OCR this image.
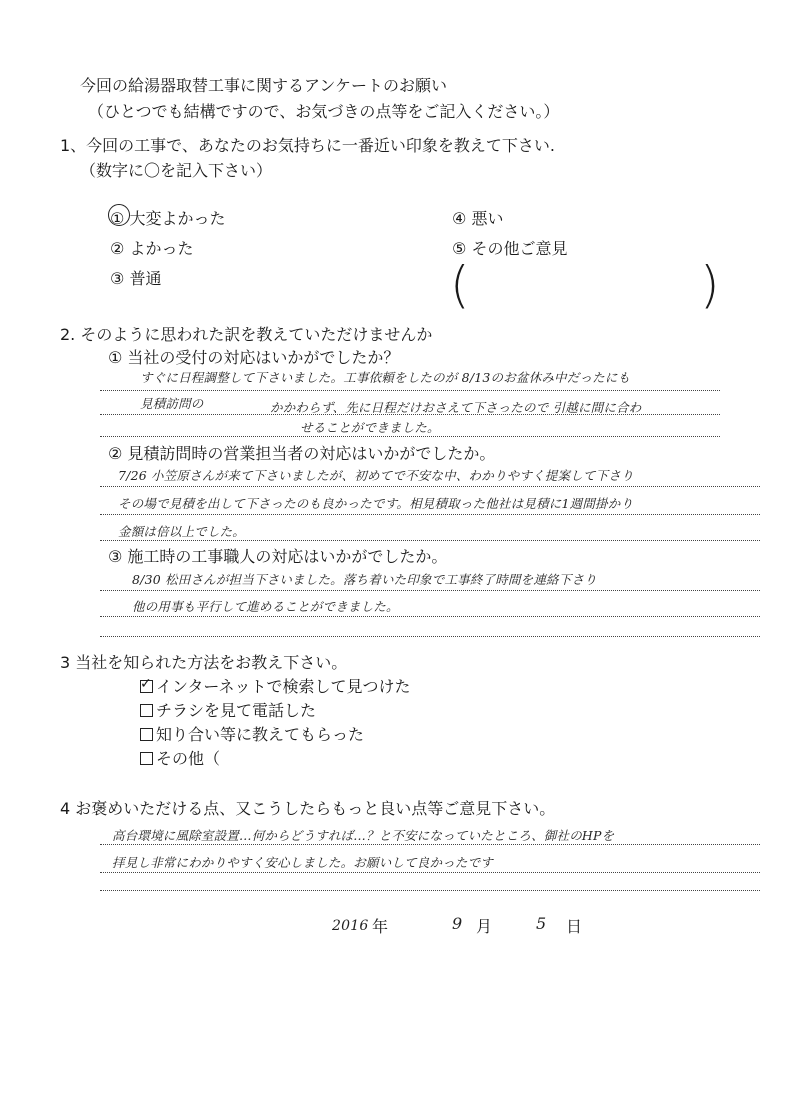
今回の給湯器取替工事に関するアンケートのお願い
（ひとつでも結構ですので、お気づきの点等をご記入ください。）
1、今回の工事で、あなたのお気持ちに一番近い印象を教えて下さい.
（数字に〇を記入下さい）
① 大変よかった
② よかった
③ 普通
④ 悪い
⑤ その他ご意見
(	)
2. そのように思われた訳を教えていただけませんか
① 当社の受付の対応はいかがでしたか？
すぐに日程調整して下さいました。工事依頼をしたのが 8/13のお盆休み中だったにも
見積訪問の	かかわらず、先に日程だけおさえて下さったので 引越に間に合わ
せることができました。
② 見積訪問時の営業担当者の対応はいかがでしたか。
7/26 小笠原さんが来て下さいましたが、初めてで不安な中、わかりやすく提案して下さり
その場で見積を出して下さったのも良かったです。相見積取った他社は見積に1週間掛かり
金額は倍以上でした。
③ 施工時の工事職人の対応はいかがでしたか。
8/30 松田さんが担当下さいました。落ち着いた印象で工事終了時間を連絡下さり
他の用事も平行して進めることができました。
3 当社を知られた方法をお教え下さい。
✓インターネットで検索して見つけた
チラシを見て電話した
知り合い等に教えてもらった
その他（
4 お褒めいただける点、又こうしたらもっと良い点等ご意見下さい。
高台環境に風除室設置…何からどうすれば…？と不安になっていたところ、御社のHPを
拝見し非常にわかりやすく安心しました。お願いして良かったです
2016 年	9 月	5 日
